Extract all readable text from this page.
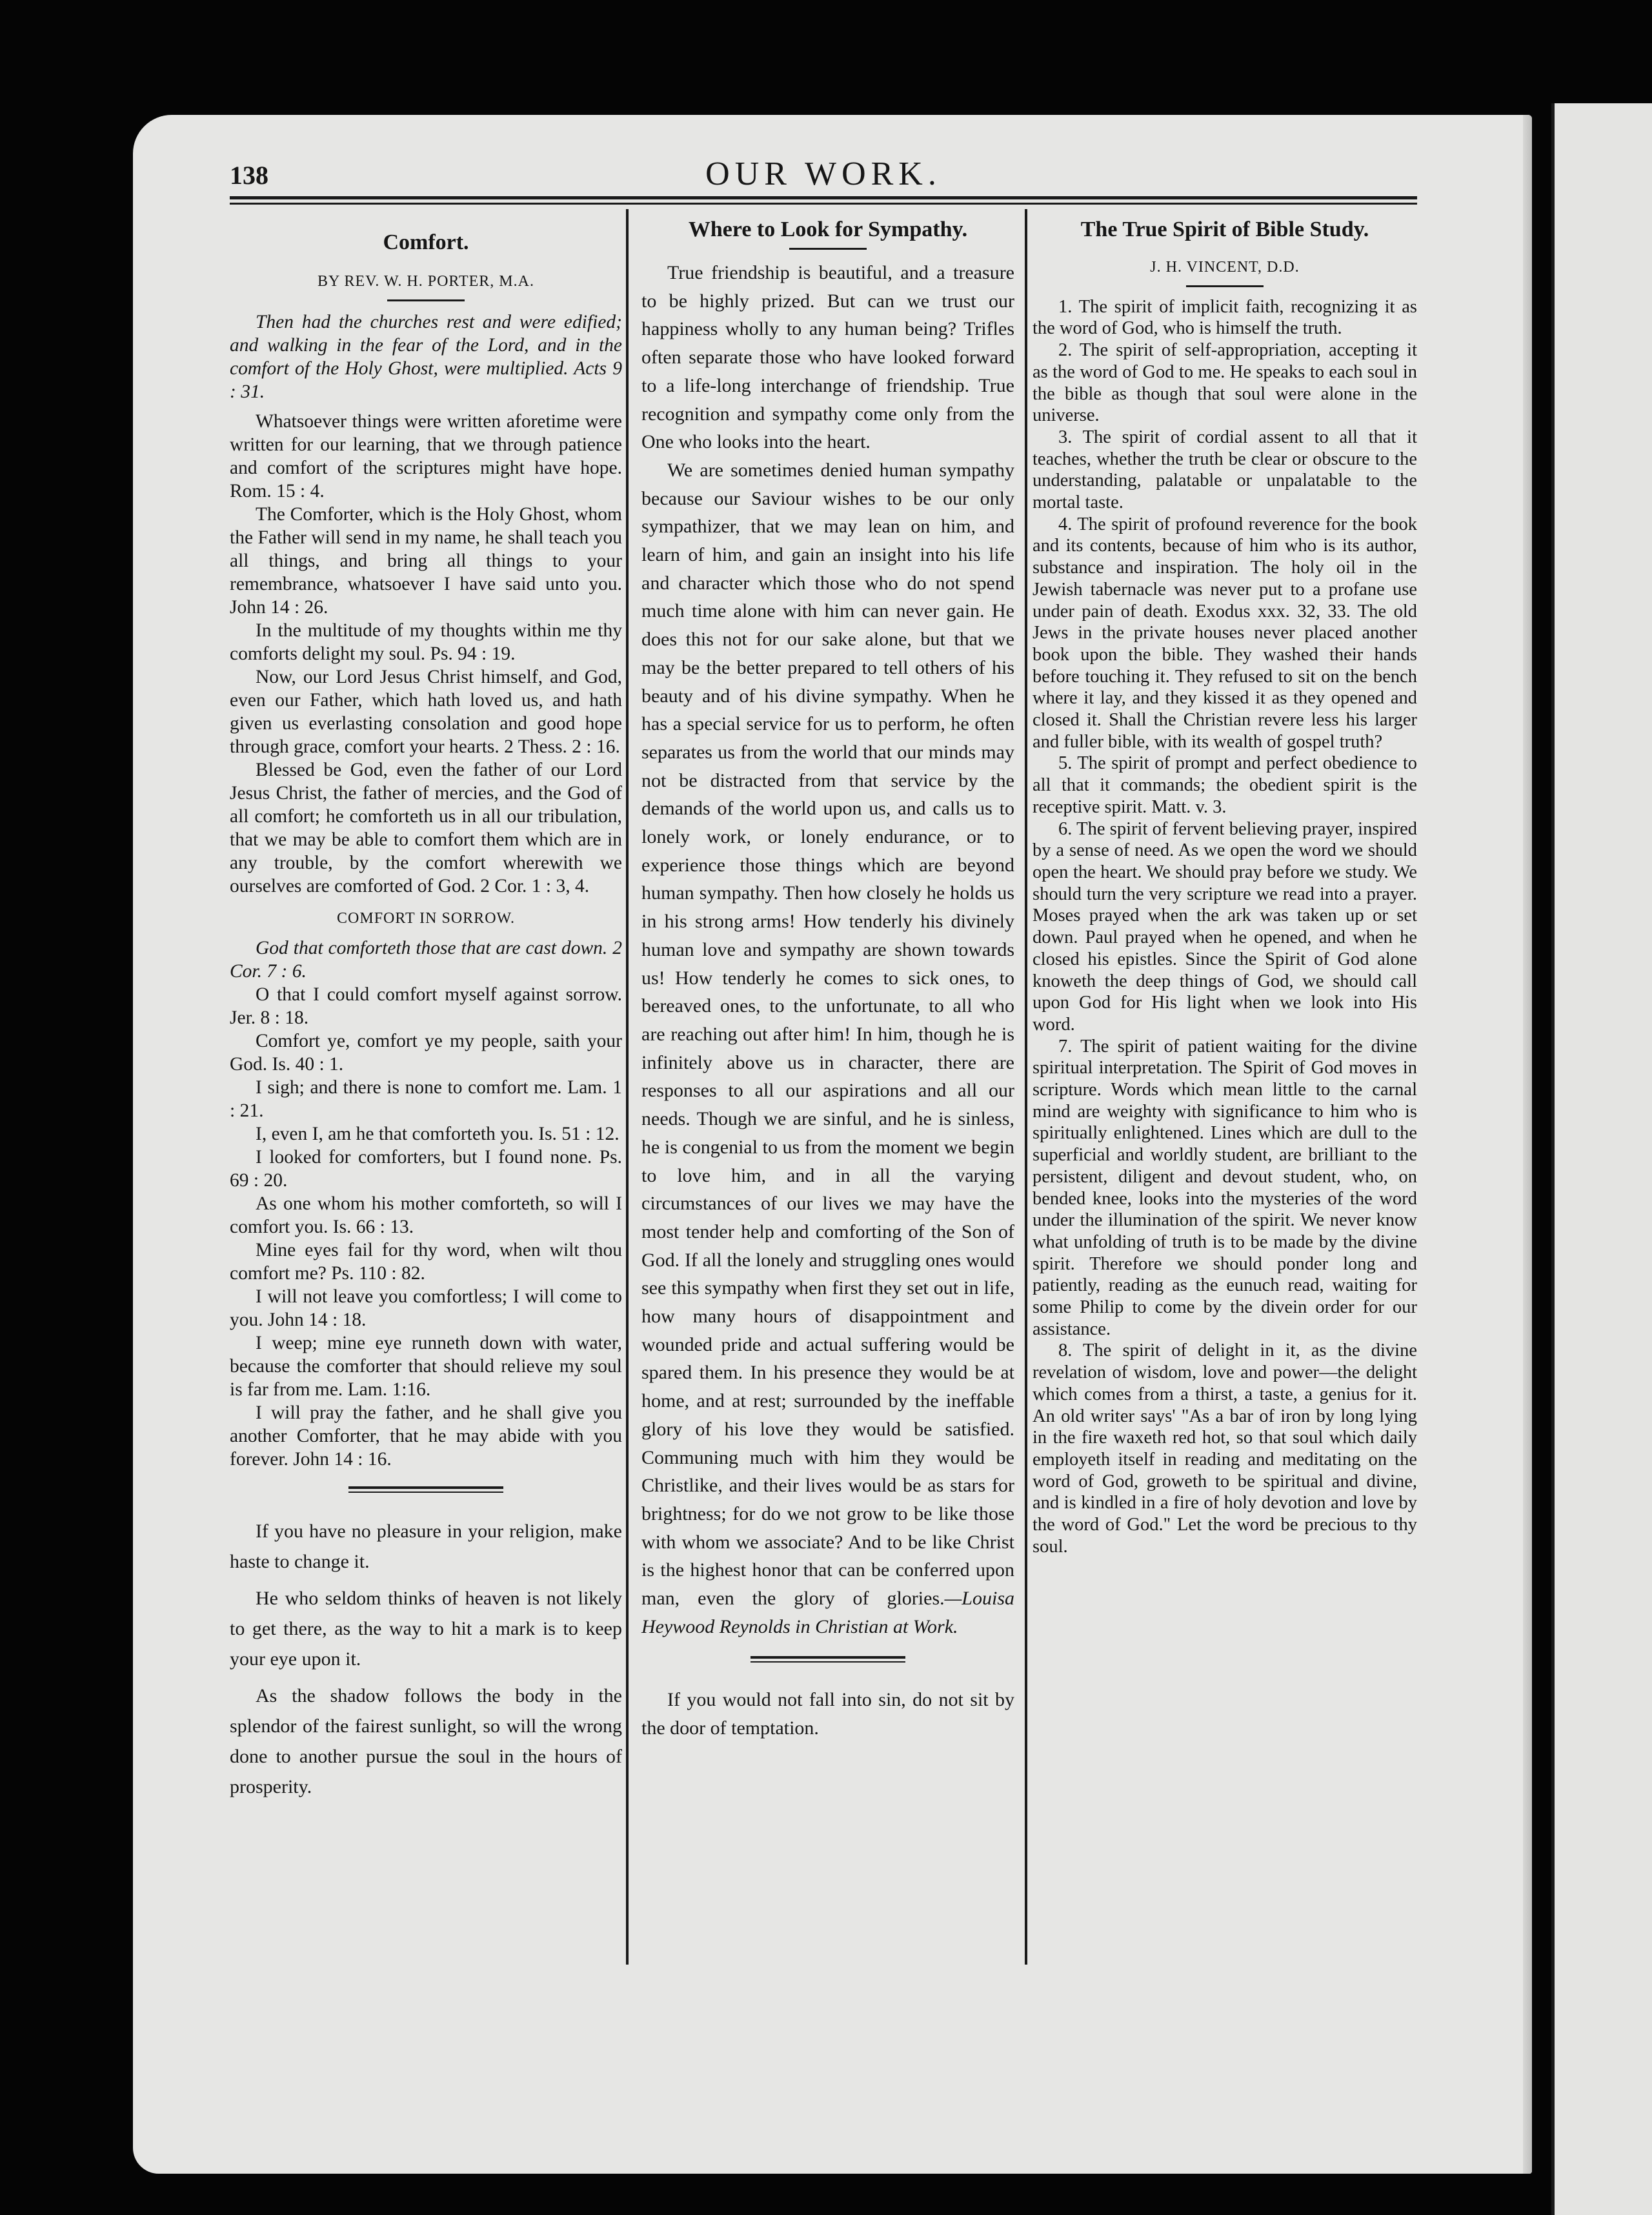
138	OUR WORK.
Comfort.
BY REV. W. H. PORTER, M.A.

Then had the churches rest and were edified; and walking in the fear of the Lord, and in the comfort of the Holy Ghost, were multiplied. Acts 9 : 31.

Whatsoever things were written aforetime were written for our learning, that we through patience and comfort of the scriptures might have hope. Rom. 15 : 4.

The Comforter, which is the Holy Ghost, whom the Father will send in my name, he shall teach you all things, and bring all things to your remembrance, whatsoever I have said unto you. John 14 : 26.

In the multitude of my thoughts within me thy comforts delight my soul. Ps. 94 : 19.

Now, our Lord Jesus Christ himself, and God, even our Father, which hath loved us, and hath given us everlasting consolation and good hope through grace, comfort your hearts. 2 Thess. 2 : 16.

Blessed be God, even the father of our Lord Jesus Christ, the father of mercies, and the God of all comfort; he comforteth us in all our tribulation, that we may be able to comfort them which are in any trouble, by the comfort wherewith we ourselves are comforted of God. 2 Cor. 1 : 3, 4.

COMFORT IN SORROW.

God that comforteth those that are cast down. 2 Cor. 7 : 6.

O that I could comfort myself against sorrow. Jer. 8 : 18.

Comfort ye, comfort ye my people, saith your God. Is. 40 : 1.

I sigh; and there is none to comfort me. Lam. 1 : 21.

I, even I, am he that comforteth you. Is. 51 : 12.

I looked for comforters, but I found none. Ps. 69 : 20.

As one whom his mother comforteth, so will I comfort you. Is. 66 : 13.

Mine eyes fail for thy word, when wilt thou comfort me? Ps. 110 : 82.

I will not leave you comfortless; I will come to you. John 14 : 18.

I weep; mine eye runneth down with water, because the comforter that should relieve my soul is far from me. Lam. 1:16.

I will pray the father, and he shall give you another Comforter, that he may abide with you forever. John 14 : 16.

If you have no pleasure in your religion, make haste to change it.

He who seldom thinks of heaven is not likely to get there, as the way to hit a mark is to keep your eye upon it.

As the shadow follows the body in the splendor of the fairest sunlight, so will the wrong done to another pursue the soul in the hours of prosperity.

Where to Look for Sympathy.

True friendship is beautiful, and a treasure to be highly prized. But can we trust our happiness wholly to any human being? Trifles often separate those who have looked forward to a life-long interchange of friendship. True recognition and sympathy come only from the One who looks into the heart.

We are sometimes denied human sympathy because our Saviour wishes to be our only sympathizer, that we may lean on him, and learn of him, and gain an insight into his life and character which those who do not spend much time alone with him can never gain. He does this not for our sake alone, but that we may be the better prepared to tell others of his beauty and of his divine sympathy. When he has a special service for us to perform, he often separates us from the world that our minds may not be distracted from that service by the demands of the world upon us, and calls us to lonely work, or lonely endurance, or to experience those things which are beyond human sympathy. Then how closely he holds us in his strong arms! How tenderly his divinely human love and sympathy are shown towards us! How tenderly he comes to sick ones, to bereaved ones, to the unfortunate, to all who are reaching out after him! In him, though he is infinitely above us in character, there are responses to all our aspirations and all our needs. Though we are sinful, and he is sinless, he is congenial to us from the moment we begin to love him, and in all the varying circumstances of our lives we may have the most tender help and comforting of the Son of God. If all the lonely and struggling ones would see this sympathy when first they set out in life, how many hours of disappointment and wounded pride and actual suffering would be spared them. In his presence they would be at home, and at rest; surrounded by the ineffable glory of his love they would be satisfied. Communing much with him they would be Christlike, and their lives would be as stars for brightness; for do we not grow to be like those with whom we associate? And to be like Christ is the highest honor that can be conferred upon man, even the glory of glories.—Louisa Heywood Reynolds in Christian at Work.

If you would not fall into sin, do not sit by the door of temptation.

The True Spirit of Bible Study.
J. H. VINCENT, D.D.

1. The spirit of implicit faith, recognizing it as the word of God, who is himself the truth.

2. The spirit of self-appropriation, accepting it as the word of God to me. He speaks to each soul in the bible as though that soul were alone in the universe.

3. The spirit of cordial assent to all that it teaches, whether the truth be clear or obscure to the understanding, palatable or unpalatable to the mortal taste.

4. The spirit of profound reverence for the book and its contents, because of him who is its author, substance and inspiration. The holy oil in the Jewish tabernacle was never put to a profane use under pain of death. Exodus xxx. 32, 33. The old Jews in the private houses never placed another book upon the bible. They washed their hands before touching it. They refused to sit on the bench where it lay, and they kissed it as they opened and closed it. Shall the Christian revere less his larger and fuller bible, with its wealth of gospel truth?

5. The spirit of prompt and perfect obedience to all that it commands; the obedient spirit is the receptive spirit. Matt. v. 3.

6. The spirit of fervent believing prayer, inspired by a sense of need. As we open the word we should open the heart. We should pray before we study. We should turn the very scripture we read into a prayer. Moses prayed when the ark was taken up or set down. Paul prayed when he opened, and when he closed his epistles. Since the Spirit of God alone knoweth the deep things of God, we should call upon God for His light when we look into His word.

7. The spirit of patient waiting for the divine spiritual interpretation. The Spirit of God moves in scripture. Words which mean little to the carnal mind are weighty with significance to him who is spiritually enlightened. Lines which are dull to the superficial and worldly student, are brilliant to the persistent, diligent and devout student, who, on bended knee, looks into the mysteries of the word under the illumination of the spirit. We never know what unfolding of truth is to be made by the divine spirit. Therefore we should ponder long and patiently, reading as the eunuch read, waiting for some Philip to come by the divein order for our assistance.

8. The spirit of delight in it, as the divine revelation of wisdom, love and power—the delight which comes from a thirst, a taste, a genius for it. An old writer says' "As a bar of iron by long lying in the fire waxeth red hot, so that soul which daily employeth itself in reading and meditating on the word of God, groweth to be spiritual and divine, and is kindled in a fire of holy devotion and love by the word of God." Let the word be precious to thy soul.
